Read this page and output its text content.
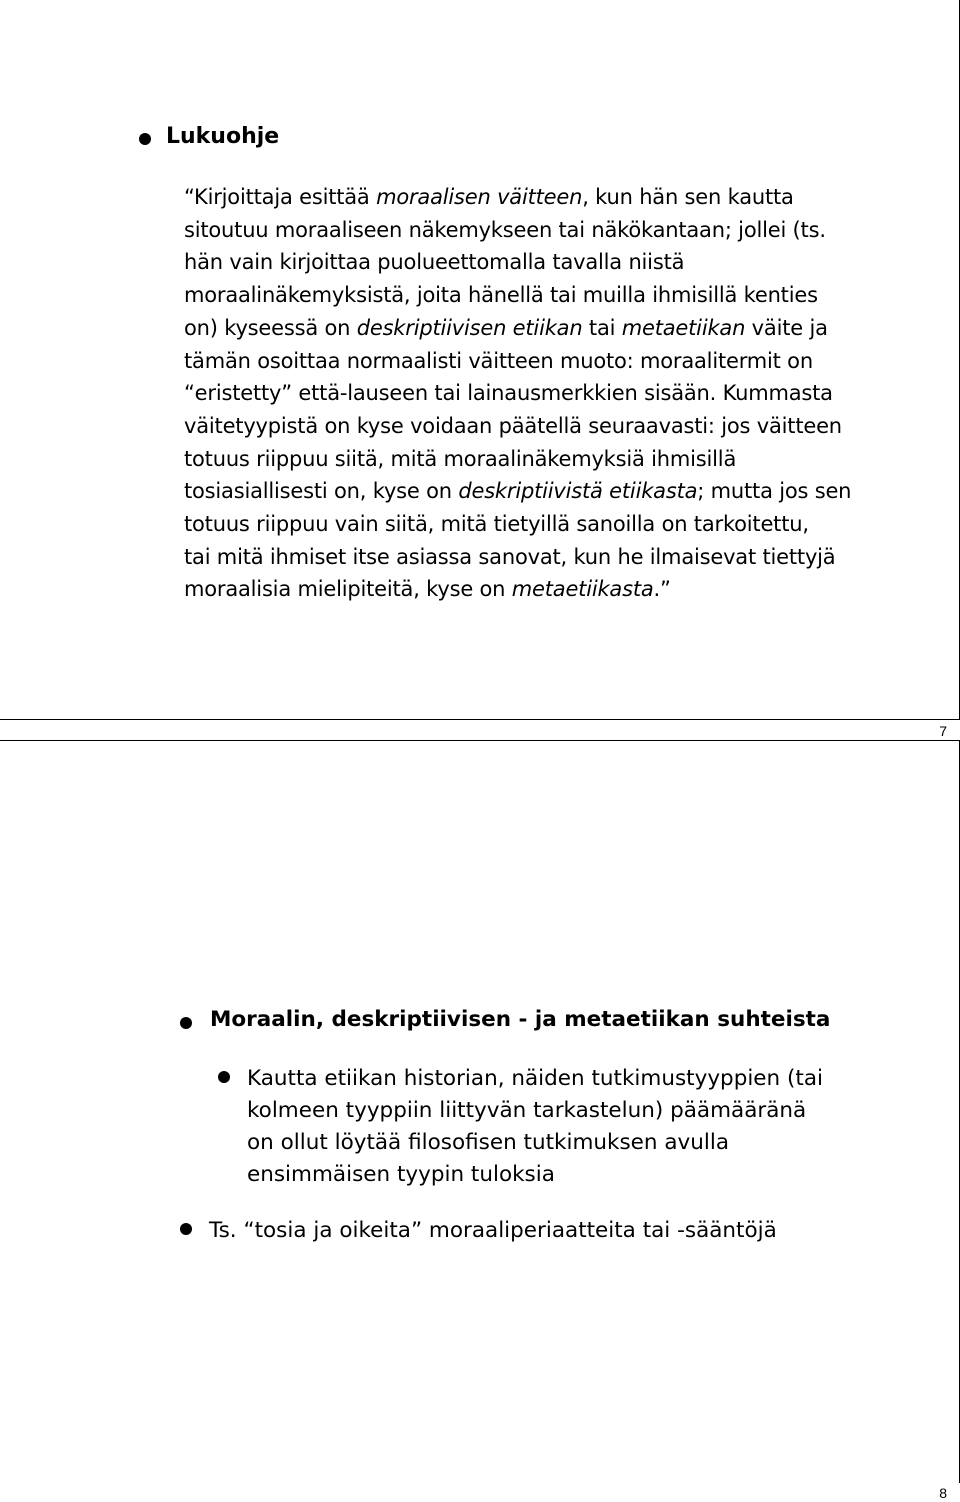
Lukuohje
“Kirjoittaja esittää moraalisen väitteen, kun hän sen kautta
sitoutuu moraaliseen näkemykseen tai näkökantaan; jollei (ts.
hän vain kirjoittaa puolueettomalla tavalla niistä
moraalinäkemyksistä, joita hänellä tai muilla ihmisillä kenties
on) kyseessä on deskriptiivisen etiikan tai metaetiikan väite ja
tämän osoittaa normaalisti väitteen muoto: moraalitermit on
“eristetty” että-lauseen tai lainausmerkkien sisään. Kummasta
väitetyypistä on kyse voidaan päätellä seuraavasti: jos väitteen
totuus riippuu siitä, mitä moraalinäkemyksiä ihmisillä
tosiasiallisesti on, kyse on deskriptiivistä etiikasta; mutta jos sen
totuus riippuu vain siitä, mitä tietyillä sanoilla on tarkoitettu,
tai mitä ihmiset itse asiassa sanovat, kun he ilmaisevat tiettyjä
moraalisia mielipiteitä, kyse on metaetiikasta.”
7
Moraalin, deskriptiivisen - ja metaetiikan suhteista
Kautta etiikan historian, näiden tutkimustyyppien (tai
kolmeen tyyppiin liittyvän tarkastelun) päämääränä
on ollut löytää filosofisen tutkimuksen avulla
ensimmäisen tyypin tuloksia
Ts. “tosia ja oikeita” moraaliperiaatteita tai -sääntöjä
8
